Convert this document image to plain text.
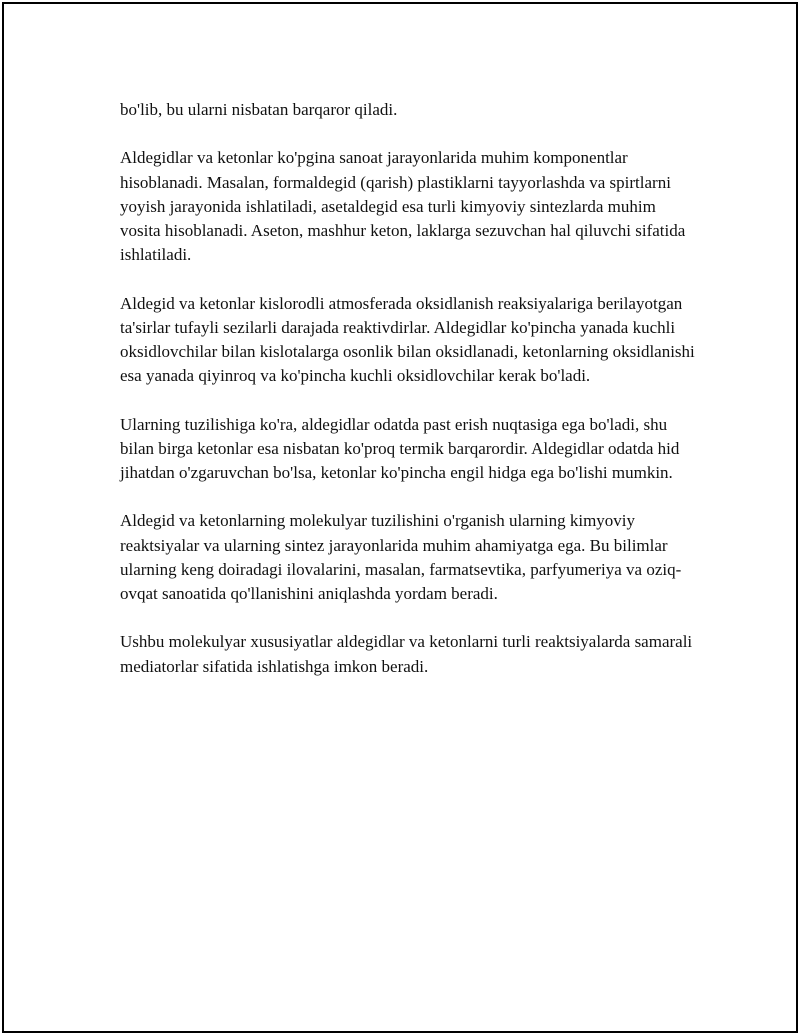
bo'lib, bu ularni nisbatan barqaror qiladi.

Aldegidlar va ketonlar ko'pgina sanoat jarayonlarida muhim komponentlar hisoblanadi. Masalan, formaldegid (qarish) plastiklarni tayyorlashda va spirtlarni yoyish jarayonida ishlatiladi, asetaldegid esa turli kimyoviy sintezlarda muhim vosita hisoblanadi. Aseton, mashhur keton, laklarga sezuvchan hal qiluvchi sifatida ishlatiladi.

Aldegid va ketonlar kislorodli atmosferada oksidlanish reaksiyalariga berilayotgan ta'sirlar tufayli sezilarli darajada reaktivdirlar. Aldegidlar ko'pincha yanada kuchli oksidlovchilar bilan kislotalarga osonlik bilan oksidlanadi, ketonlarning oksidlanishi esa yanada qiyinroq va ko'pincha kuchli oksidlovchilar kerak bo'ladi.

Ularning tuzilishiga ko'ra, aldegidlar odatda past erish nuqtasiga ega bo'ladi, shu bilan birga ketonlar esa nisbatan ko'proq termik barqarordir. Aldegidlar odatda hid jihatdan o'zgaruvchan bo'lsa, ketonlar ko'pincha engil hidga ega bo'lishi mumkin.

Aldegid va ketonlarning molekulyar tuzilishini o'rganish ularning kimyoviy reaktsiyalar va ularning sintez jarayonlarida muhim ahamiyatga ega. Bu bilimlar ularning keng doiradagi ilovalarini, masalan, farmatsevtika, parfyumeriya va oziq-ovqat sanoatida qo'llanishini aniqlashda yordam beradi.

Ushbu molekulyar xususiyatlar aldegidlar va ketonlarni turli reaktsiyalarda samarali mediatorlar sifatida ishlatishga imkon beradi.
